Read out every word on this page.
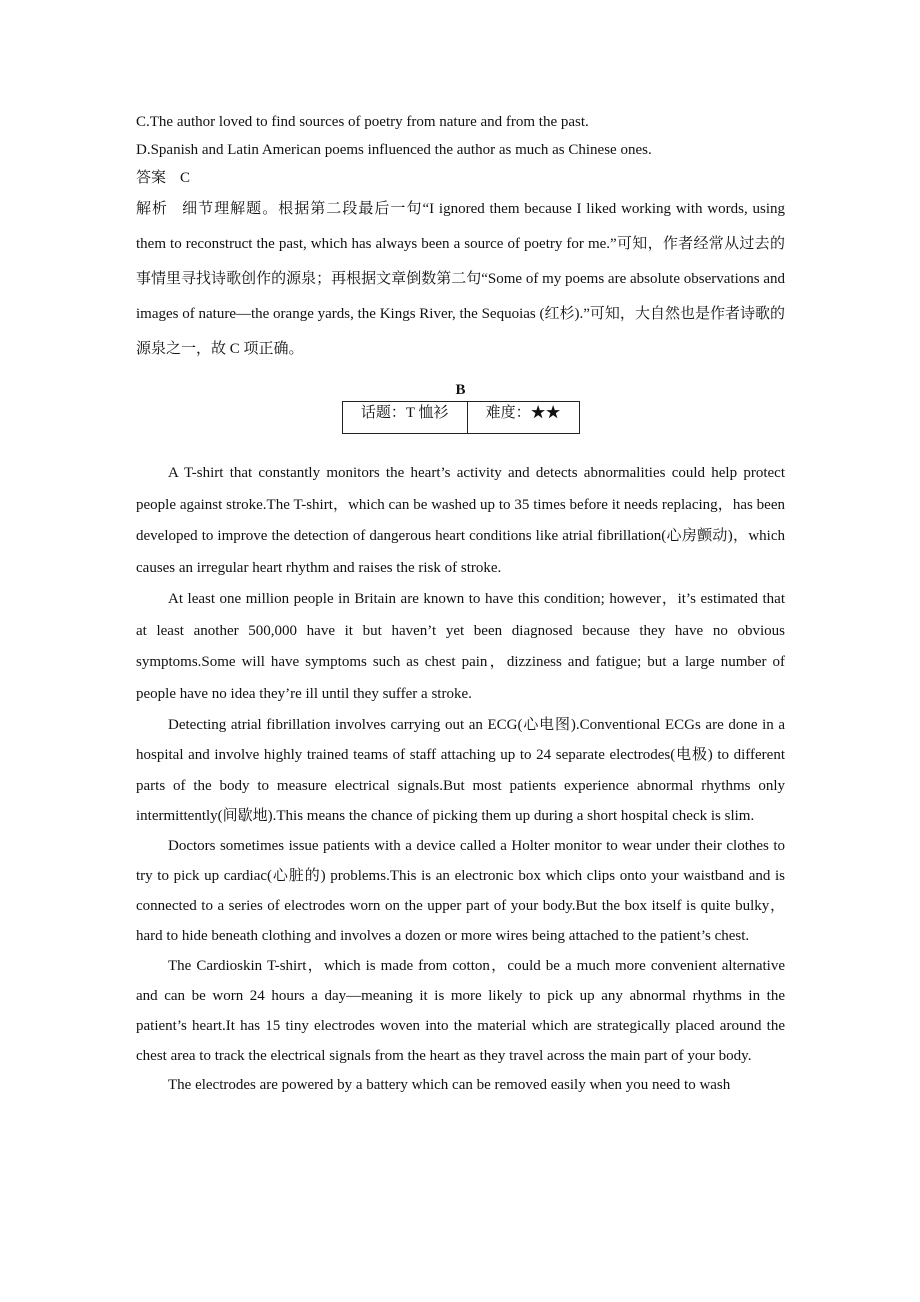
C.The author loved to find sources of poetry from nature and from the past.
D.Spanish and Latin American poems influenced the author as much as Chinese ones.
答案 C

解析 细节理解题。根据第二段最后一句“I ignored them because I liked working with words, using them to reconstruct the past, which has always been a source of poetry for me.”可知，作者经常从过去的事情里寻找诗歌创作的源泉；再根据文章倒数第二句“Some of my poems are absolute observations and images of nature—the orange yards, the Kings River, the Sequoias (红杉).”可知，大自然也是作者诗歌的源泉之一，故 C 项正确。

B
话题：T 恤衫	难度：★★

A T-shirt that constantly monitors the heart’s activity and detects abnormalities could help protect people against stroke.The T-shirt，which can be washed up to 35 times before it needs replacing，has been developed to improve the detection of dangerous heart conditions like atrial fibrillation(心房颤动)，which causes an irregular heart rhythm and raises the risk of stroke.

At least one million people in Britain are known to have this condition; however，it’s estimated that at least another 500,000 have it but haven’t yet been diagnosed because they have no obvious symptoms.Some will have symptoms such as chest pain，dizziness and fatigue; but a large number of people have no idea they’re ill until they suffer a stroke.

Detecting atrial fibrillation involves carrying out an ECG(心电图).Conventional ECGs are done in a hospital and involve highly trained teams of staff attaching up to 24 separate electrodes(电极) to different parts of the body to measure electrical signals.But most patients experience abnormal rhythms only intermittently(间歇地).This means the chance of picking them up during a short hospital check is slim.

Doctors sometimes issue patients with a device called a Holter monitor to wear under their clothes to try to pick up cardiac(心脏的) problems.This is an electronic box which clips onto your waistband and is connected to a series of electrodes worn on the upper part of your body.But the box itself is quite bulky，hard to hide beneath clothing and involves a dozen or more wires being attached to the patient’s chest.

The Cardioskin T-shirt，which is made from cotton，could be a much more convenient alternative and can be worn 24 hours a day—meaning it is more likely to pick up any abnormal rhythms in the patient’s heart.It has 15 tiny electrodes woven into the material which are strategically placed around the chest area to track the electrical signals from the heart as they travel across the main part of your body.

The electrodes are powered by a battery which can be removed easily when you need to wash
